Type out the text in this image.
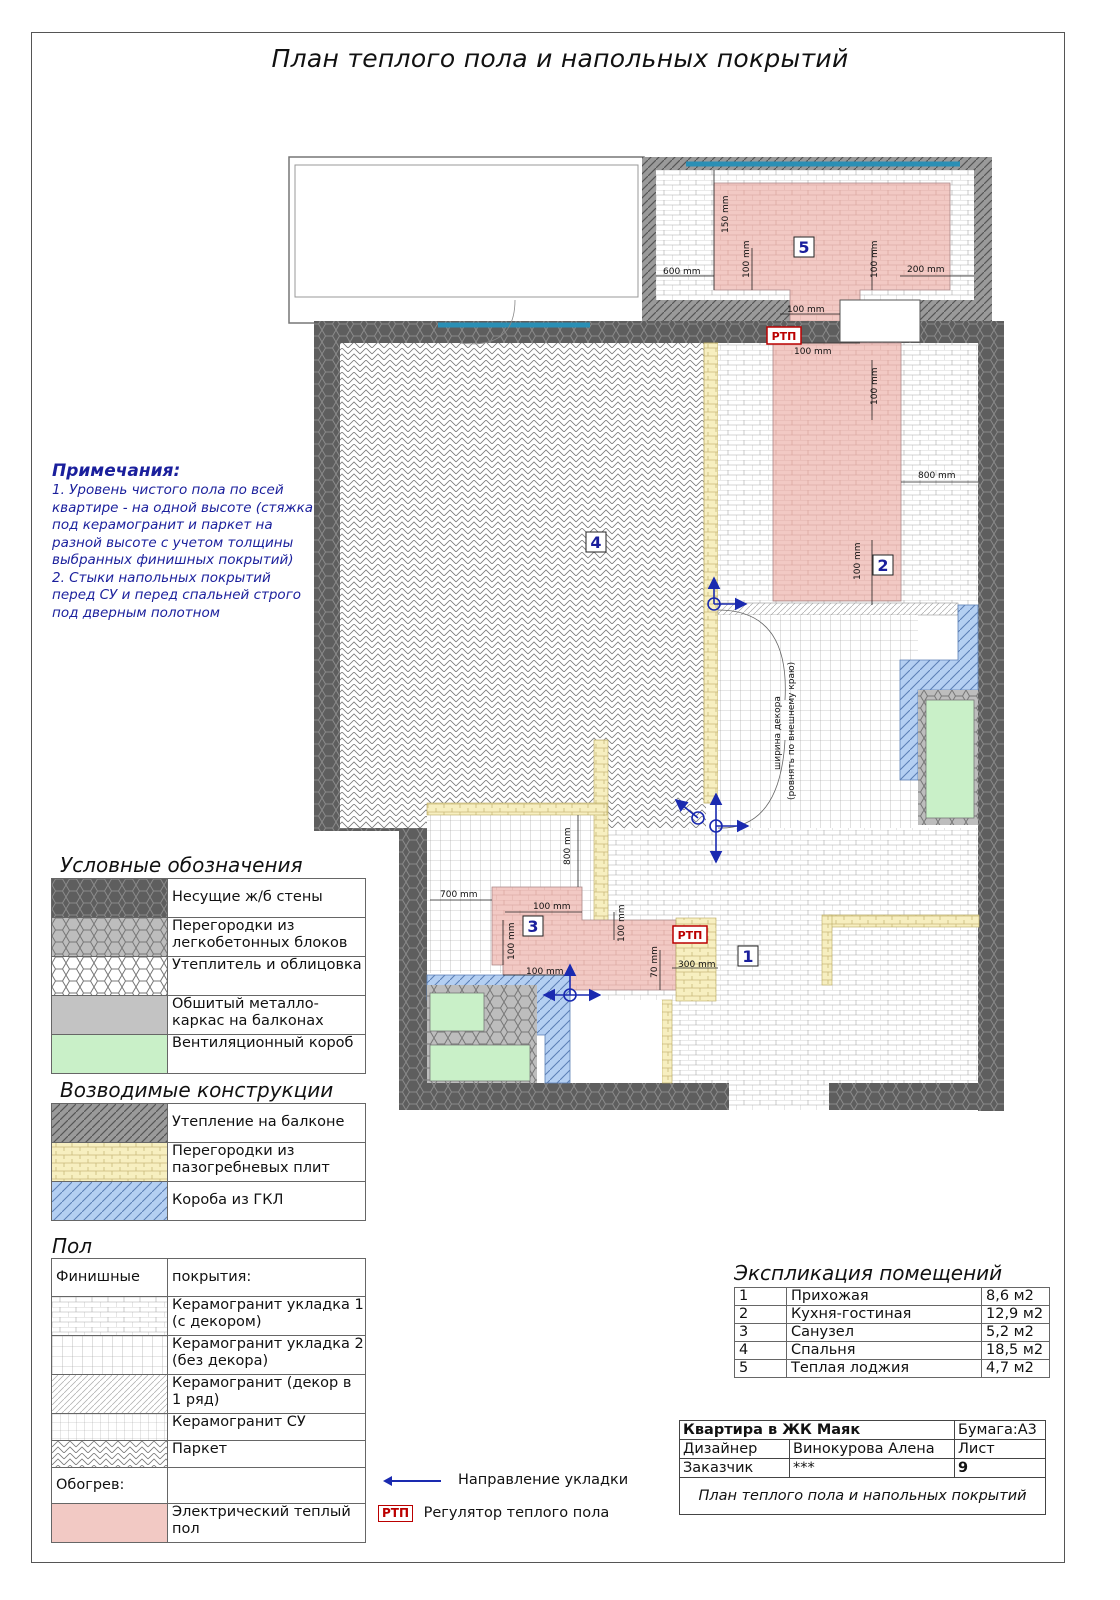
План теплого пола и напольных покрытий
150 mm
100 mm	100 mm
600 mm	200 mm
100 mm
100 mm
100 mm
800 mm
100 mm
800 mm
700 mm
100 mm
100 mm
100 mm
100 mm
70 mm 300 mm
ширина декора (ровнять по внешнему краю)
1
2
3
4
5
РТП
РТП
Примечания:
1. Уровень чистого пола по всей квартире - на одной высоте (стяжка под керамогранит и паркет на разной высоте с учетом толщины выбранных финишных покрытий)
2. Стыки напольных покрытий перед СУ и перед спальней строго под дверным полотном
Условные обозначения
	Несущие ж/б стены

	Перегородки из легкобетонных блоков

	Утеплитель и облицовка

	Обшитый металло-каркас на балконах

	Вентиляционный короб
Возводимые конструкции
	Утепление на балконе

	Перегородки из пазогребневых плит

	Короба из ГКЛ
Пол
Финишные	покрытия:

	Керамогранит укладка 1 (с декором)

	Керамогранит укладка 2 (без декора)

	Керамогранит (декор в 1 ряд)

	Керамогранит СУ

	Паркет
Обогрев:	

	Электрический теплый пол
Направление укладки
РТП Регулятор теплого пола
Экспликация помещений
1	Прихожая	8,6 м2
2	Кухня-гостиная	12,9 м2
3	Санузел	5,2 м2
4	Спальня	18,5 м2
5	Теплая лоджия	4,7 м2
Квартира в ЖК Маяк		Бумага:А3
Дизайнер	Винокурова Алена	Лист
Заказчик	***	9
План теплого пола и напольных покрытий		
